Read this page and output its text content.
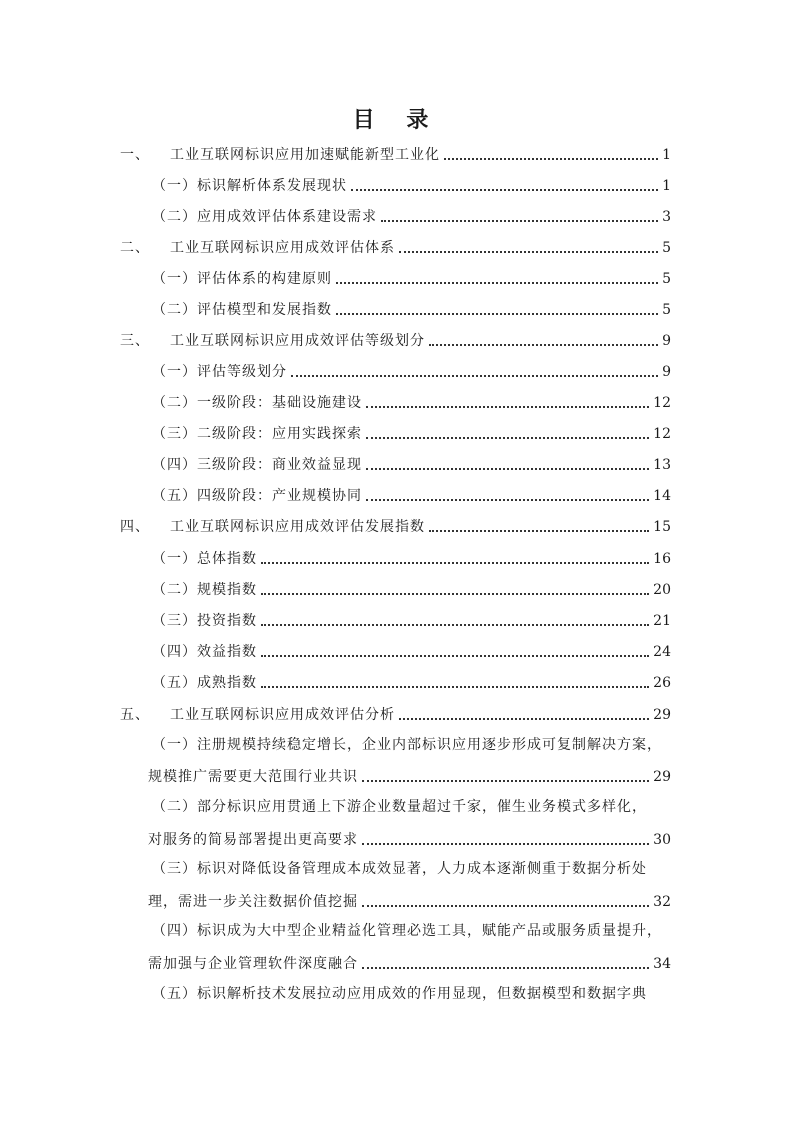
目 录
一、 工业互联网标识应用加速赋能新型工业化	1
（一）标识解析体系发展现状	1
（二）应用成效评估体系建设需求	3
二、 工业互联网标识应用成效评估体系	5
（一）评估体系的构建原则	5
（二）评估模型和发展指数	5
三、 工业互联网标识应用成效评估等级划分	9
（一）评估等级划分	9
（二）一级阶段：基础设施建设	12
（三）二级阶段：应用实践探索	12
（四）三级阶段：商业效益显现	13
（五）四级阶段：产业规模协同	14
四、 工业互联网标识应用成效评估发展指数	15
（一）总体指数	16
（二）规模指数	20
（三）投资指数	21
（四）效益指数	24
（五）成熟指数	26
五、 工业互联网标识应用成效评估分析	29
（一）注册规模持续稳定增长，企业内部标识应用逐步形成可复制解决方案，
规模推广需要更大范围行业共识	29
（二）部分标识应用贯通上下游企业数量超过千家，催生业务模式多样化，
对服务的简易部署提出更高要求	30
（三）标识对降低设备管理成本成效显著，人力成本逐渐侧重于数据分析处
理，需进一步关注数据价值挖掘	32
（四）标识成为大中型企业精益化管理必选工具，赋能产品或服务质量提升，
需加强与企业管理软件深度融合	34
（五）标识解析技术发展拉动应用成效的作用显现，但数据模型和数据字典
